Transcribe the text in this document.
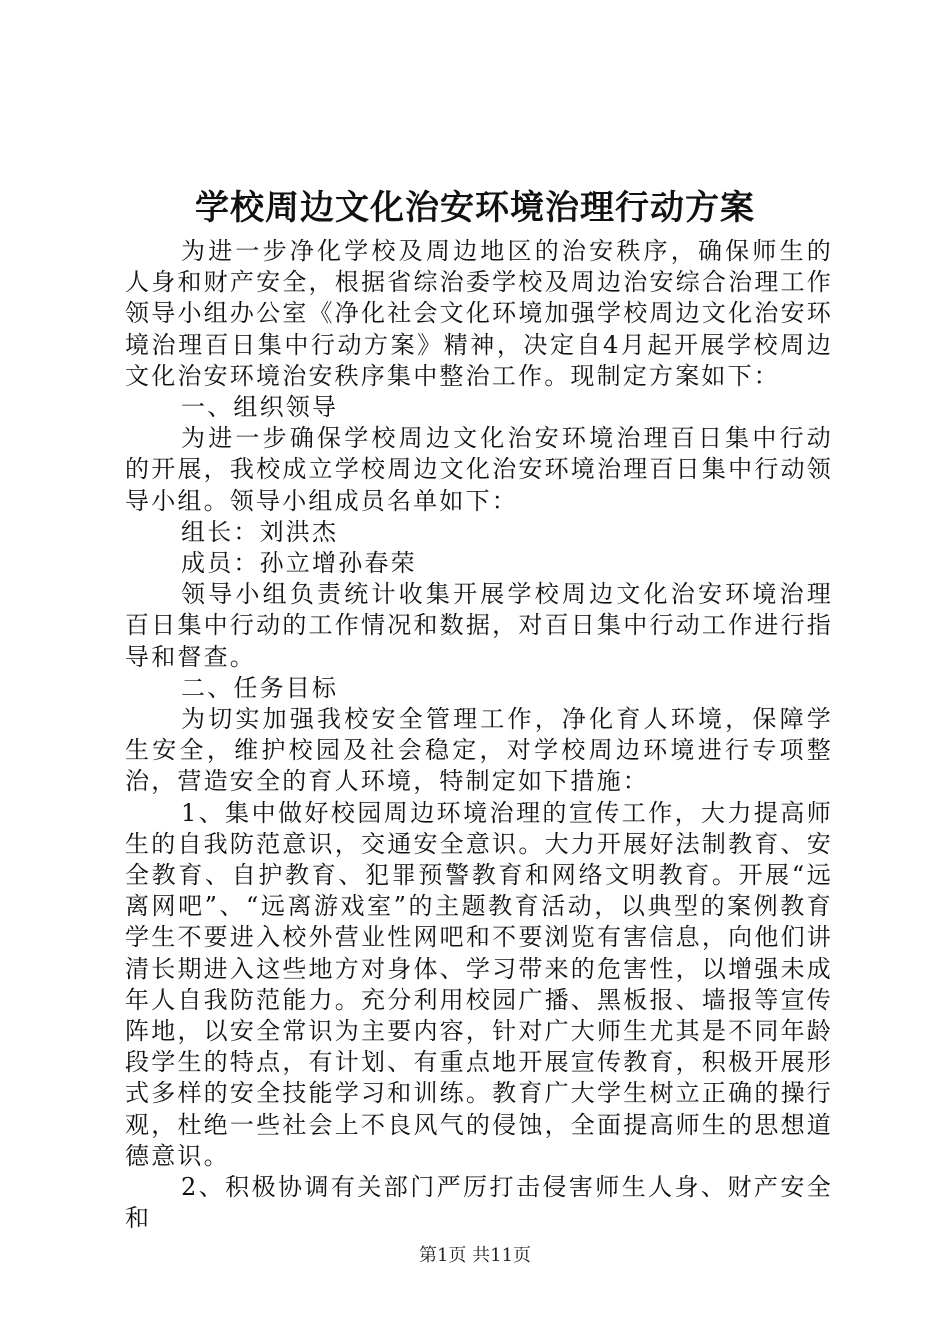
学校周边文化治安环境治理行动方案

为进一步净化学校及周边地区的治安秩序，确保师生的人身和财产安全，根据省综治委学校及周边治安综合治理工作领导小组办公室《净化社会文化环境加强学校周边文化治安环境治理百日集中行动方案》精神，决定自4月起开展学校周边文化治安环境治安秩序集中整治工作。现制定方案如下：

一、组织领导

为进一步确保学校周边文化治安环境治理百日集中行动的开展，我校成立学校周边文化治安环境治理百日集中行动领导小组。领导小组成员名单如下：

组长：刘洪杰

成员：孙立增孙春荣

领导小组负责统计收集开展学校周边文化治安环境治理百日集中行动的工作情况和数据，对百日集中行动工作进行指导和督查。

二、任务目标

为切实加强我校安全管理工作，净化育人环境，保障学生安全，维护校园及社会稳定，对学校周边环境进行专项整治，营造安全的育人环境，特制定如下措施：

1、集中做好校园周边环境治理的宣传工作，大力提高师生的自我防范意识，交通安全意识。大力开展好法制教育、安全教育、自护教育、犯罪预警教育和网络文明教育。开展“远离网吧”、“远离游戏室”的主题教育活动，以典型的案例教育学生不要进入校外营业性网吧和不要浏览有害信息，向他们讲清长期进入这些地方对身体、学习带来的危害性，以增强未成年人自我防范能力。充分利用校园广播、黑板报、墙报等宣传阵地，以安全常识为主要内容，针对广大师生尤其是不同年龄段学生的特点，有计划、有重点地开展宣传教育，积极开展形式多样的安全技能学习和训练。教育广大学生树立正确的操行观，杜绝一些社会上不良风气的侵蚀，全面提高师生的思想道德意识。

2、积极协调有关部门严厉打击侵害师生人身、财产安全和

第1页 共11页
